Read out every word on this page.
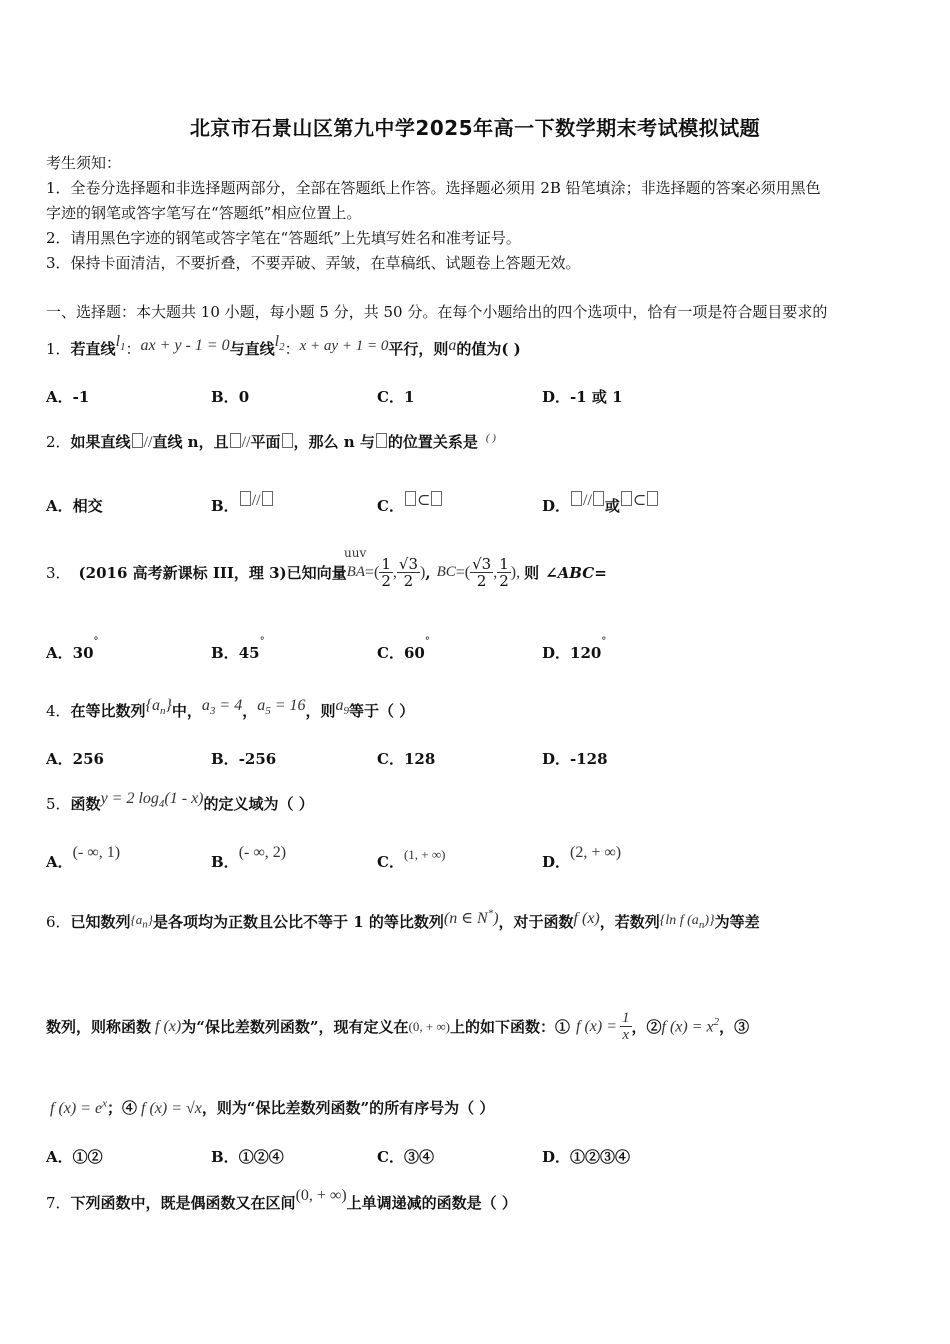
北京市石景山区第九中学2025年高一下数学期末考试模拟试题
考生须知：
1．全卷分选择题和非选择题两部分，全部在答题纸上作答。选择题必须用 2B 铅笔填涂；非选择题的答案必须用黑色
字迹的钢笔或答字笔写在“答题纸”相应位置上。
2．请用黑色字迹的钢笔或答字笔在“答题纸”上先填写姓名和准考证号。
3．保持卡面清洁，不要折叠，不要弄破、弄皱，在草稿纸、试题卷上答题无效。
一、选择题：本大题共 10 小题，每小题 5 分，共 50 分。在每个小题给出的四个选项中，恰有一项是符合题目要求的
1．若直线$l_1$：ax + y - 1 = 0与直线$l_2$：x + ay + 1 = 0平行，则a的值为( )
A．-1	B．0	C．1	D．-1 或 1
2．如果直线 //直线 n，且 //平面 ，那么 n 与 的位置关系是 ( )
A．相交	B． //	C． ⊂	D． // 或 ⊂
uuv
3． (2016 高考新课标 III，理 3)已知向量 BA =( $\frac{1}{2}$ , $\frac{√3}{2}$ ) , BC =( $\frac{√3}{2}$ , $\frac{1}{2}$ ), 则 ∠ABC=
A．30°
B．45°
C．60°
D．120°
4．在等比数列$\{a_n\}$中，$a_3 = 4$，$a_5 = 16$，则$a_9$等于（ ）
A．256	B．-256	C．128	D．-128
5．函数y = 2 $\log_4(1 - x)$的定义域为（ ）
A．(- ∞, 1)
B．(- ∞, 2)
C．(1, + ∞)	D．(2, + ∞)
6．已知数列$\{a_n\}$是各项均为正数且公比不等于 1 的等比数列(n ∈ N*)，对于函数f (x)，若数列{ln f $(a_n)$}为等差
数列，则称函数 f (x) 为“保比差数列函数”，现有定义在 (0, + ∞) 上的如下函数：① f $(x) = \frac{1}{x}$ ，② f $(x) = x^2$ ，③
f $(x) = e^x$；④ f (x) = √x，则为“保比差数列函数”的所有序号为（ ）
A．①②	B．①②④	C．③④	D．①②③④
7．下列函数中，既是偶函数又在区间(0, + ∞)上单调递减的函数是（ ）
